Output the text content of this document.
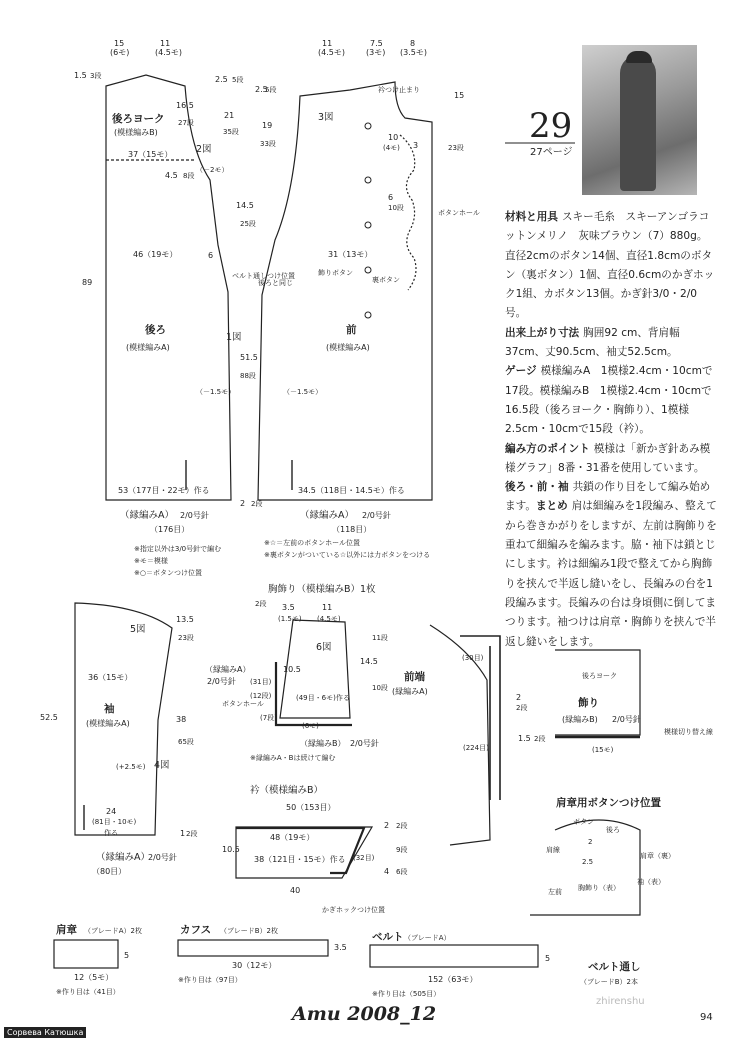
15
(6モ)
11
(4.5モ)
1.5 3段
後ろヨーク
(模様編みB)
16.5
27段
2図
37（15モ）
4.5 8段
（－2モ）
46（19モ）	6
89
1図
後ろ
(模様編みA)
（－1.5モ）
53（177目・22モ）作る
（縁編みA） 2/0号針
（176目）
2 2段
2.5 5段
21
35段
2.5
5段
19
33段
14.5
25段
ベルト通しつけ位置
後ろと同じ
51.5
88段
11
(4.5モ)
7.5
(3モ)
8
(3.5モ)
3図
衿つけ止まり
15
23段
10
(4モ) 3
6
10段
ボタンホール
31（13モ）
飾りボタン
裏ボタン
前
(模様編みA)
（－1.5モ）
34.5（118目・14.5モ）作る
（縁編みA） 2/0号針
（118目）
※指定以外は3/0号針で編む
※モ＝模様
※○＝ボタンつけ位置
※☆＝左前のボタンホール位置
※裏ボタンがついている☆以外には力ボタンをつける
胸飾り（模様編みB）1枚
3.5
(1.5モ)
11
(4.5モ)
2段
6図
11段
14.5
10段
10.5
（縁編みA）
2/0号針 (31目)
(12段)
ボタンホール
(49目・6モ)作る
(6モ)
(7段)
（縁編みB） 2/0号針
※縁編みA・Bは続けて編む
5図
4図
36（15モ）
袖
(模様編みA)
52.5
13.5
23段
38
65段
(+2.5モ)
24
(81目・10モ)
作る	1 2段
（縁編みA）
2/0号針
（80目）
衿（模様編みB）
50（153目）
48（19モ）
38（121目・15モ）作る
40
10.5
2段
9段
6段
2
4
(32目)
かぎホックつけ位置
前端
(縁編みA)
(30目)
(224目)
2
2段
後ろヨーク
飾り
(縁編みB) 2/0号針
1.5 2段
(15モ)
模様切り替え線
肩章用ボタンつけ位置
ボタン
後ろ
肩線
2.5
2
肩章（裏）
左前 胸飾り（表）
袖（表）
肩章 （ブレードA）2枚
12（5モ）
※作り目は（41目）
5
カフス （ブレードB）2枚
30（12モ）
※作り目は（97目）
3.5
ベルト （ブレードA）
152（63モ）
※作り目は（505目）
5
ベルト通し
（ブレードB）2本
29
27ページ

材料と用具 スキー毛糸　スキーアンゴラコットンメリノ　灰味ブラウン（7）880g。直径2cmのボタン14個、直径1.8cmのボタン（裏ボタン）1個、直径0.6cmのかぎホック1組、カボタン13個。かぎ針3/0・2/0号。

出来上がり寸法 胸囲92 cm、背肩幅37cm、丈90.5cm、袖丈52.5cm。

ゲージ 模様編みA　1模様2.4cm・10cmで17段。模様編みB　1模様2.4cm・10cmで16.5段（後ろヨーク・胸飾り）、1模様2.5cm・10cmで15段（衿）。

編み方のポイント 模様は「新かぎ針あみ模様グラフ」8番・31番を使用しています。

後ろ・前・袖 共鎖の作り目をして編み始めます。まとめ 肩は細編みを1段編み、整えてから巻きかがりをしますが、左前は胸飾りを重ねて細編みを編みます。脇・袖下は鎖とじにします。衿は細編み1段で整えてから胸飾りを挟んで半返し縫いをし、長編みの台を1段編みます。長編みの台は身頃側に倒してまつります。袖つけは肩章・胸飾りを挟んで半返し縫いをします。

Amu 2008_12	94
Сорвева Катюшка
zhirenshu
